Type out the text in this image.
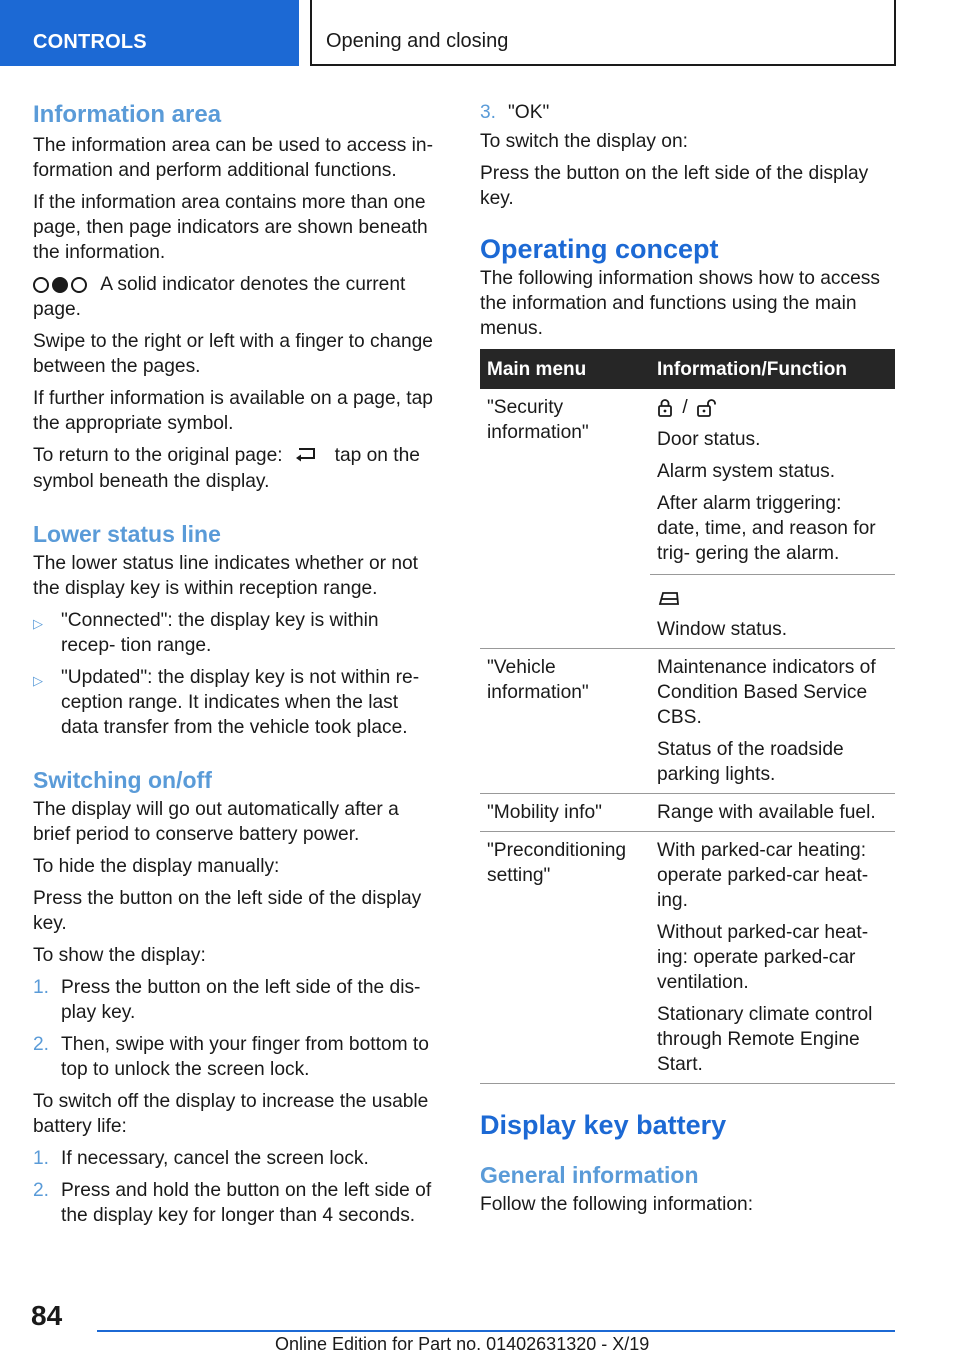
CONTROLS	Opening and closing
Information area

The information area can be used to access in- formation and perform additional functions.

If the information area contains more than one page, then page indicators are shown beneath the information.

A solid indicator denotes the current page.

Swipe to the right or left with a finger to change between the pages.

If further information is available on a page, tap the appropriate symbol.

To return to the original page:	tap on the symbol beneath the display.

Lower status line

The lower status line indicates whether or not the display key is within reception range.

▷ "Connected": the display key is within recep- tion range.
▷ "Updated": the display key is not within re- ception range. It indicates when the last data transfer from the vehicle took place.
Switching on/off

The display will go out automatically after a brief period to conserve battery power.

To hide the display manually:

Press the button on the left side of the display key.

To show the display:

1. Press the button on the left side of the dis- play key.
2. Then, swipe with your finger from bottom to top to unlock the screen lock.

To switch off the display to increase the usable battery life:

1. If necessary, cancel the screen lock.
2. Press and hold the button on the left side of the display key for longer than 4 seconds.
3. "OK"

To switch the display on:

Press the button on the left side of the display key.

Operating concept

The following information shows how to access the information and functions using the main menus.

Main menu	Information/Function
"Security information"	/

Door status.

Alarm system status.

After alarm triggering: date, time, and reason for trig- gering the alarm.

Window status.

"Vehicle information"	Maintenance indicators of Condition Based Service CBS.

Status of the roadside parking lights.

"Mobility info"	Range with available fuel.

"Preconditioning setting"	With parked-car heating: operate parked-car heat- ing.

Without parked-car heat- ing: operate parked-car ventilation.

Stationary climate control through Remote Engine Start.

Display key battery
General information

Follow the following information:

84
Online Edition for Part no. 01402631320 - X/19
